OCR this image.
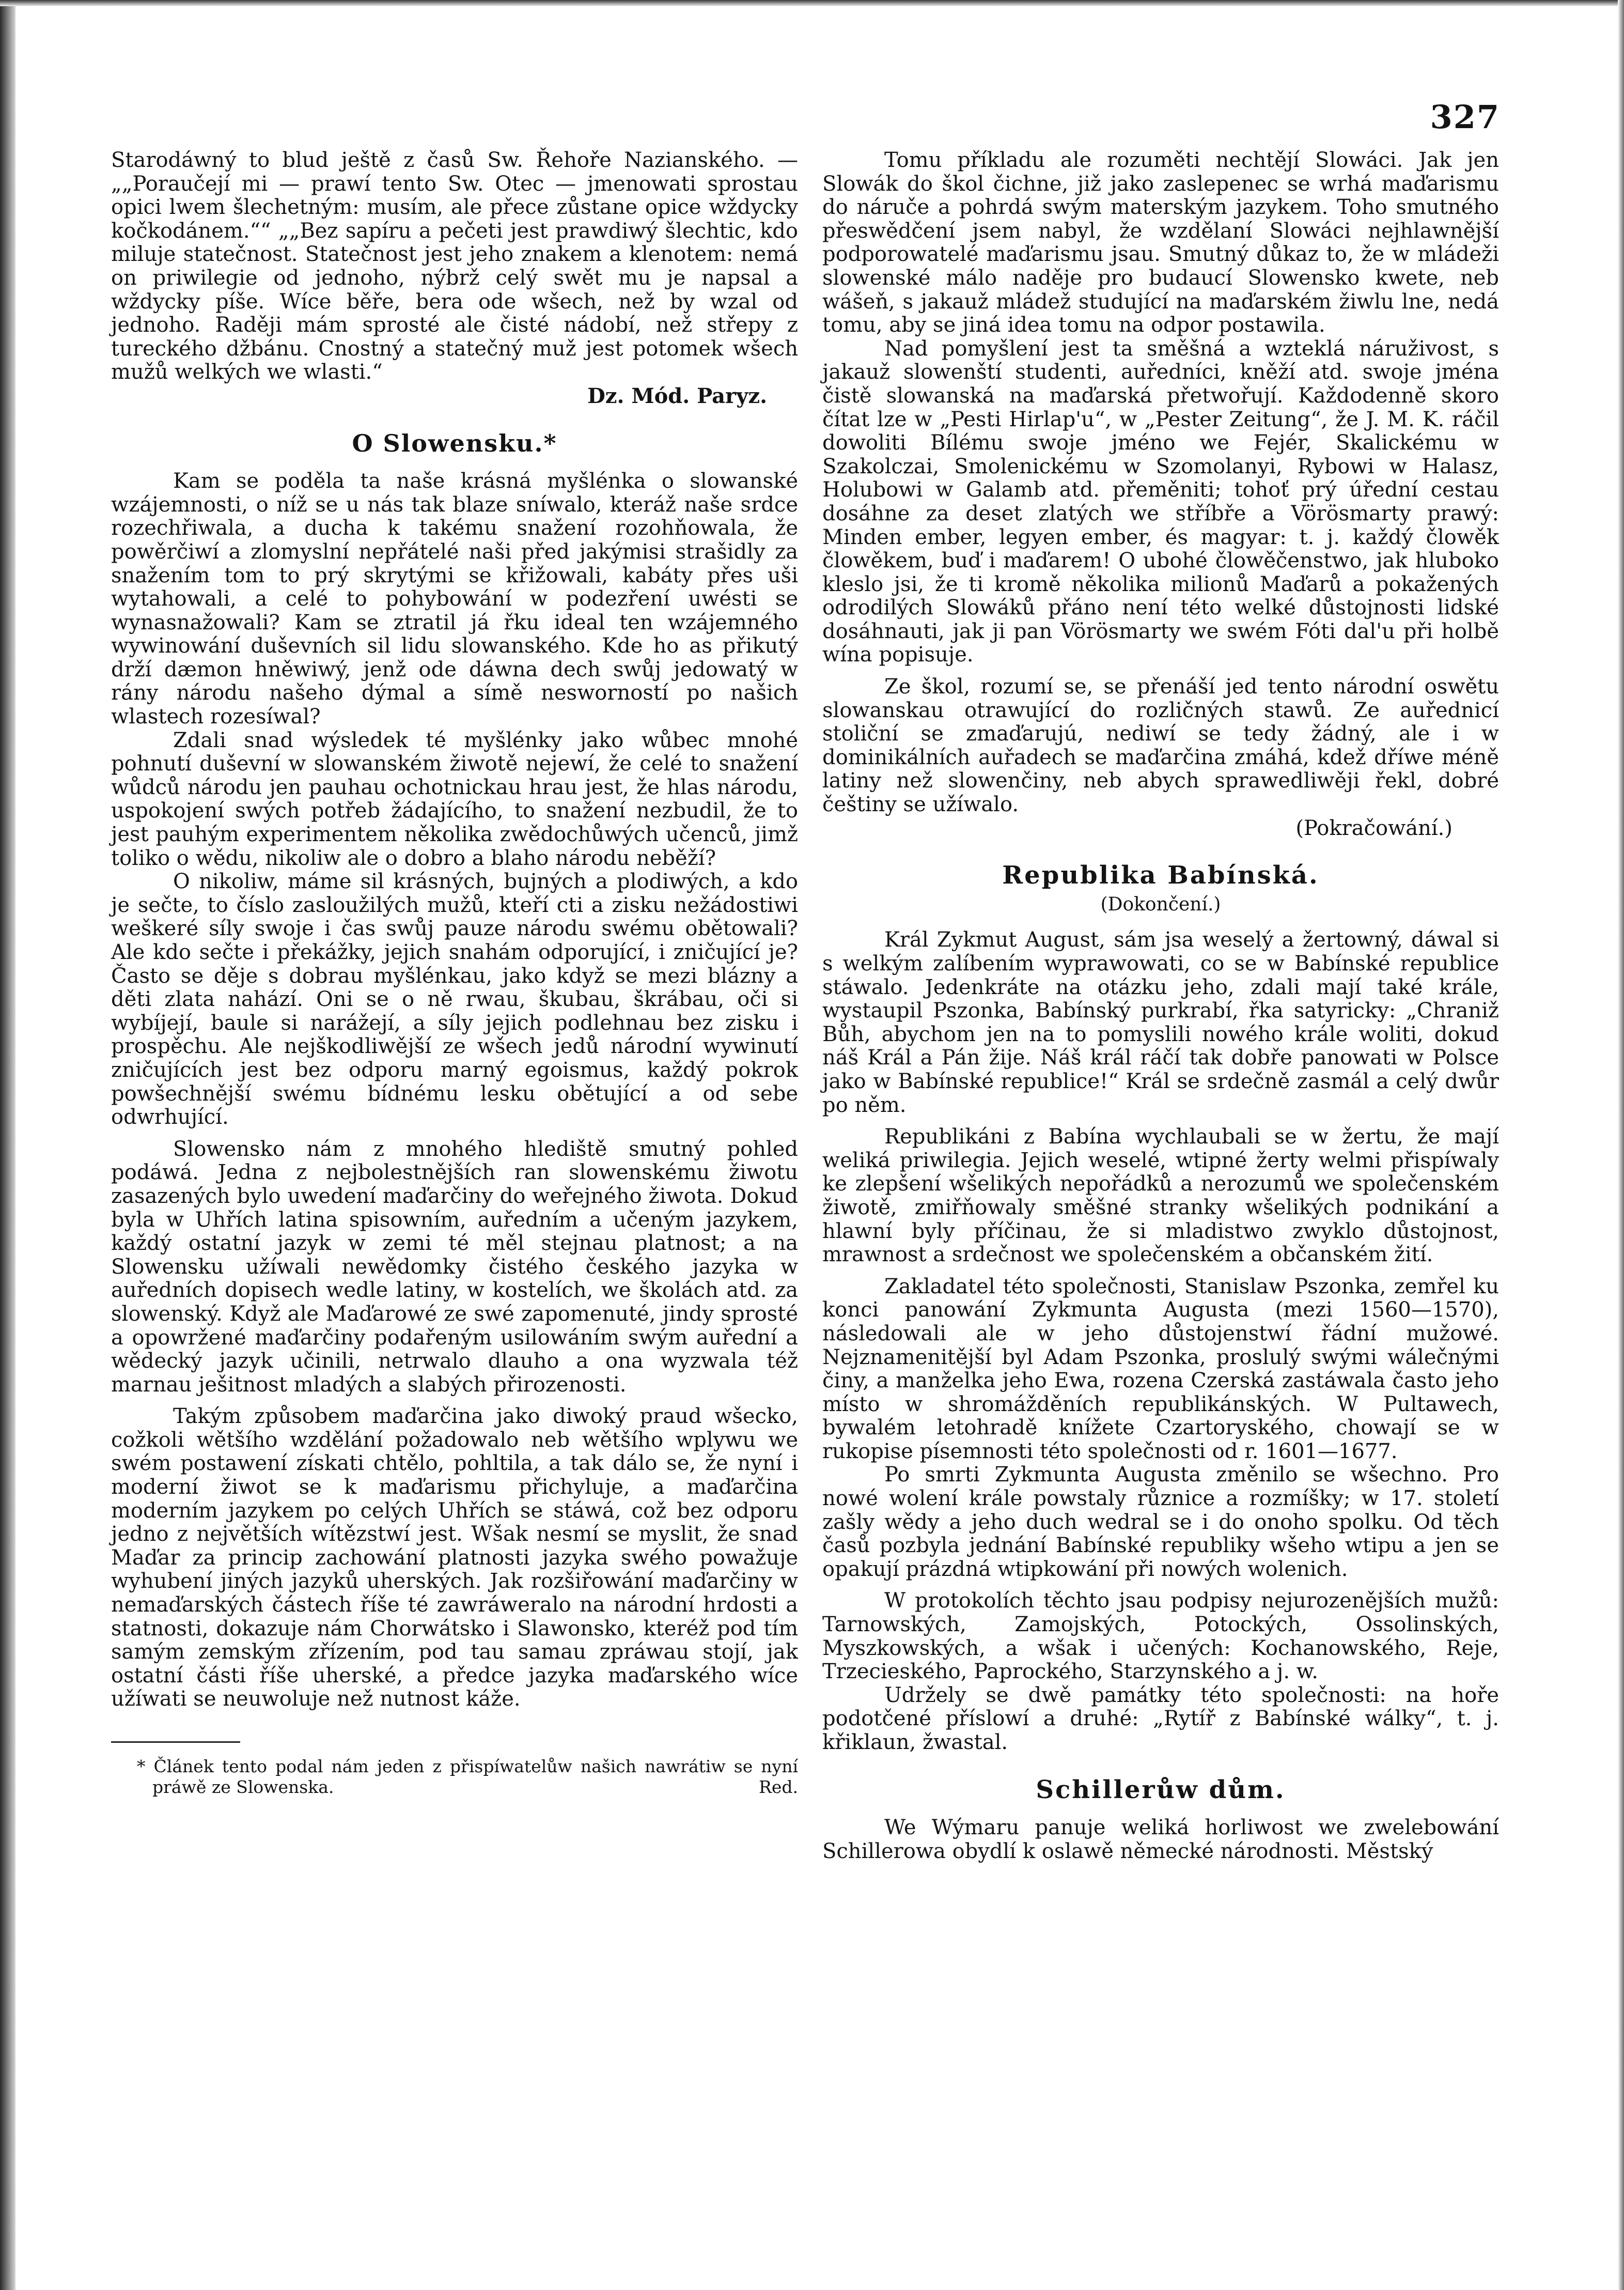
327

Starodáwný to blud ještě z časů Sw. Řehoře Nazianského. — „„Poraučejí mi — prawí tento Sw. Otec — jmenowati sprostau opici lwem šlechetným: musím, ale přece zůstane opice wždycky kočkodánem.““ „„Bez sapíru a pečeti jest prawdiwý šlechtic, kdo miluje statečnost. Statečnost jest jeho znakem a klenotem: nemá on priwilegie od jednoho, nýbrž celý swět mu je napsal a wždycky píše. Wíce běře, bera ode wšech, než by wzal od jednoho. Raději mám sprosté ale čisté nádobí, než střepy z tureckého džbánu. Cnostný a statečný muž jest potomek wšech mužů welkých we wlasti.“

Dz. Mód. Paryz.

O Slowensku.*

Kam se poděla ta naše krásná myšlénka o slowanské wzájemnosti, o níž se u nás tak blaze sníwalo, kteráž naše srdce rozechřiwala, a ducha k takému snažení rozohňowala, že powěrčiwí a zlomyslní nepřátelé naši před jakýmisi strašidly za snažením tom to prý skrytými se křižowali, kabáty přes uši wytahowali, a celé to pohybowání w podezření uwésti se wynasnažowali? Kam se ztratil já řku ideal ten wzájemného wywinowání duševních sil lidu slowanského. Kde ho as přikutý drží dæmon hněwiwý, jenž ode dáwna dech swůj jedowatý w rány národu našeho dýmal a símě nesworností po našich wlastech rozesíwal?

Zdali snad wýsledek té myšlénky jako wůbec mnohé pohnutí duševní w slowanském žiwotě nejewí, že celé to snažení wůdců národu jen pauhau ochotnickau hrau jest, že hlas národu, uspokojení swých potřeb žádajícího, to snažení nezbudil, že to jest pauhým experimentem několika zwědochůwých učenců, jimž toliko o wědu, nikoliw ale o dobro a blaho národu neběží?

O nikoliw, máme sil krásných, bujných a plodiwých, a kdo je sečte, to číslo zasloužilých mužů, kteří cti a zisku nežádostiwi weškeré síly swoje i čas swůj pauze národu swému obětowali? Ale kdo sečte i překážky, jejich snahám odporující, i zničující je? Často se děje s dobrau myšlénkau, jako když se mezi blázny a děti zlata nahází. Oni se o ně rwau, škubau, škrábau, oči si wybíjejí, baule si narážejí, a síly jejich podlehnau bez zisku i prospěchu. Ale nejškodliwější ze wšech jedů národní wywinutí zničujících jest bez odporu marný egoismus, každý pokrok powšechnější swému bídnému lesku obětující a od sebe odwrhující.

Slowensko nám z mnohého hlediště smutný pohled podáwá. Jedna z nejbolestnějších ran slowenskému žiwotu zasazených bylo uwedení maďarčiny do weřejného žiwota. Dokud byla w Uhřích latina spisowním, auředním a učeným jazykem, každý ostatní jazyk w zemi té měl stejnau platnost; a na Slowensku užíwali newědomky čistého českého jazyka w auředních dopisech wedle latiny, w kostelích, we školách atd. za slowenský. Když ale Maďarowé ze swé zapomenuté, jindy sprosté a opowržené maďarčiny podařeným usilowáním swým auřední a wědecký jazyk učinili, netrwalo dlauho a ona wyzwala též marnau ješitnost mladých a slabých přirozenosti.

Takým způsobem maďarčina jako diwoký praud wšecko, cožkoli wětšího wzdělání požadowalo neb wětšího wplywu we swém postawení získati chtělo, pohltila, a tak dálo se, že nyní i moderní žiwot se k maďarismu přichyluje, a maďarčina moderním jazykem po celých Uhřích se stáwá, což bez odporu jedno z největších wítězstwí jest. Wšak nesmí se myslit, že snad Maďar za princip zachowání platnosti jazyka swého powažuje wyhubení jiných jazyků uherských. Jak rozšiřowání maďarčiny w nemaďarských částech říše té zawráweralo na národní hrdosti a statnosti, dokazuje nám Chorwátsko i Slawonsko, kteréž pod tím samým zemským zřízením, pod tau samau zpráwau stojí, jak ostatní části říše uherské, a předce jazyka maďarského wíce užíwati se neuwoluje než nutnost káže.

* Článek tento podal nám jeden z přispíwatelůw našich nawrátiw se nyní práwě ze Slowenska.	Red.

Tomu příkladu ale rozuměti nechtějí Slowáci. Jak jen Slowák do škol čichne, již jako zaslepenec se wrhá maďarismu do náruče a pohrdá swým materským jazykem. Toho smutného přeswědčení jsem nabyl, že wzdělaní Slowáci nejhlawnější podporowatelé maďarismu jsau. Smutný důkaz to, že w mládeži slowenské málo naděje pro budaucí Slowensko kwete, neb wášeň, s jakauž mládež studující na maďarském žiwlu lne, nedá tomu, aby se jiná idea tomu na odpor postawila.

Nad pomyšlení jest ta směšná a wzteklá náruživost, s jakauž slowenští studenti, auředníci, kněží atd. swoje jména čistě slowanská na maďarská přetwořují. Každodenně skoro čítat lze w „Pesti Hirlap'u“, w „Pester Zeitung“, že J. M. K. ráčil dowoliti Bílému swoje jméno we Fejér, Skalickému w Szakolczai, Smolenickému w Szomolanyi, Rybowi w Halasz, Holubowi w Galamb atd. přeměniti; tohoť prý úřední cestau dosáhne za deset zlatých we stříbře a Vörösmarty prawý: Minden ember, legyen ember, és magyar: t. j. každý člowěk člowěkem, buď i maďarem! O ubohé člowěčenstwo, jak hluboko kleslo jsi, že ti kromě několika milionů Maďarů a pokažených odrodilých Slowáků přáno není této welké důstojnosti lidské dosáhnauti, jak ji pan Vörösmarty we swém Fóti dal'u při holbě wína popisuje.

Ze škol, rozumí se, se přenáší jed tento národní oswětu slowanskau otrawující do rozličných stawů. Ze auřednicí stoliční se zmaďarujú, nediwí se tedy žádný, ale i w dominikálních auřadech se maďarčina zmáhá, kdež dříwe méně latiny než slowenčiny, neb abych sprawedliwěji řekl, dobré češtiny se užíwalo.

(Pokračowání.)

Republika Babínská.
(Dokončení.)

Král Zykmut August, sám jsa weselý a žertowný, dáwal si s welkým zalíbením wyprawowati, co se w Babínské republice stáwalo. Jedenkráte na otázku jeho, zdali mají také krále, wystaupil Pszonka, Babínský purkrabí, řka satyricky: „Chraniž Bůh, abychom jen na to pomyslili nowého krále woliti, dokud náš Král a Pán žije. Náš král ráčí tak dobře panowati w Polsce jako w Babínské republice!“ Král se srdečně zasmál a celý dwůr po něm.

Republikáni z Babína wychlaubali se w žertu, že mají weliká priwilegia. Jejich weselé, wtipné žerty welmi přispíwaly ke zlepšení wšelikých nepořádků a nerozumů we společenském žiwotě, zmiřňowaly směšné stranky wšelikých podnikání a hlawní byly příčinau, že si mladistwo zwyklo důstojnost, mrawnost a srdečnost we společenském a občanském žití.

Zakladatel této společnosti, Stanislaw Pszonka, zemřel ku konci panowání Zykmunta Augusta (mezi 1560—1570), následowali ale w jeho důstojenstwí řádní mužowé. Nejznamenitější byl Adam Pszonka, proslulý swými wálečnými činy, a manželka jeho Ewa, rozena Czerská zastáwala často jeho místo w shromážděních republikánských. W Pultawech, bywalém letohradě knížete Czartoryského, chowají se w rukopise písemnosti této společnosti od r. 1601—1677.

Po smrti Zykmunta Augusta změnilo se wšechno. Pro nowé wolení krále powstaly různice a rozmíšky; w 17. století zašly wědy a jeho duch wedral se i do onoho spolku. Od těch časů pozbyla jednání Babínské republiky wšeho wtipu a jen se opakují prázdná wtipkowání při nowých wolenich.

W protokolích těchto jsau podpisy nejurozenějších mužů: Tarnowských, Zamojských, Potockých, Ossolinských, Myszkowských, a wšak i učených: Kochanowského, Reje, Trzecieského, Paprockého, Starzynského a j. w.

Udržely se dwě památky této společnosti: na hoře podotčené příslowí a druhé: „Rytíř z Babínské wálky“, t. j. křiklaun, žwastal.

Schillerůw dům.

We Wýmaru panuje weliká horliwost we zwelebowání Schillerowa obydlí k oslawě německé národnosti. Městský
